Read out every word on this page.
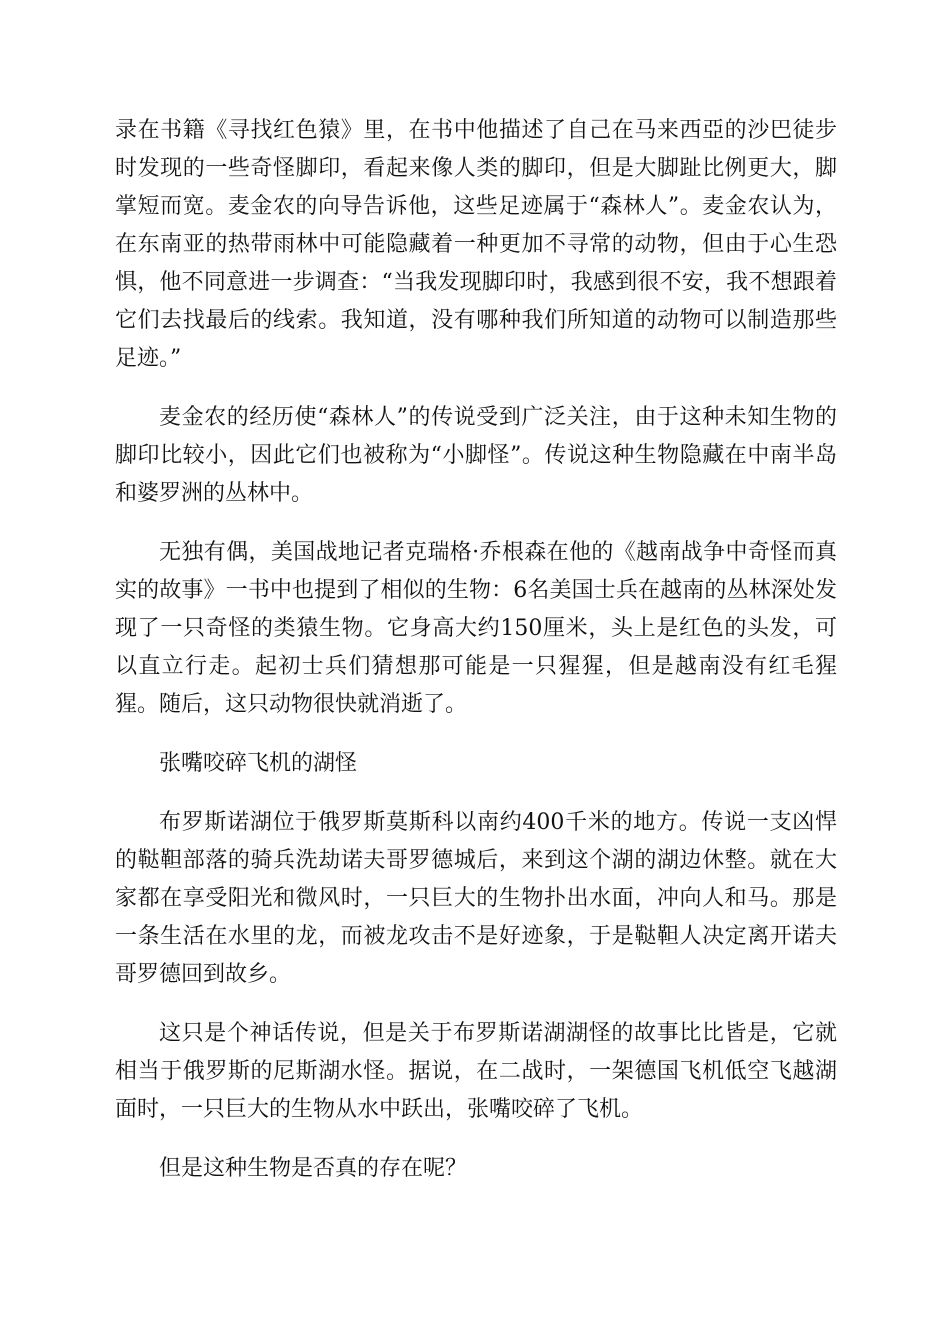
录在书籍《寻找红色猿》里，在书中他描述了自己在马来西亞的沙巴徒步时发现的一些奇怪脚印，看起来像人类的脚印，但是大脚趾比例更大，脚掌短而宽。麦金农的向导告诉他，这些足迹属于“森林人”。麦金农认为，在东南亚的热带雨林中可能隐藏着一种更加不寻常的动物，但由于心生恐惧，他不同意进一步调查：“当我发现脚印时，我感到很不安，我不想跟着它们去找最后的线索。我知道，没有哪种我们所知道的动物可以制造那些足迹。”

麦金农的经历使“森林人”的传说受到广泛关注，由于这种未知生物的脚印比较小，因此它们也被称为“小脚怪”。传说这种生物隐藏在中南半岛和婆罗洲的丛林中。

无独有偶，美国战地记者克瑞格·乔根森在他的《越南战争中奇怪而真实的故事》一书中也提到了相似的生物：6名美国士兵在越南的丛林深处发现了一只奇怪的类猿生物。它身高大约150厘米，头上是红色的头发，可以直立行走。起初士兵们猜想那可能是一只猩猩，但是越南没有红毛猩猩。随后，这只动物很快就消逝了。

张嘴咬碎飞机的湖怪

布罗斯诺湖位于俄罗斯莫斯科以南约400千米的地方。传说一支凶悍的鞑靼部落的骑兵洗劫诺夫哥罗德城后，来到这个湖的湖边休整。就在大家都在享受阳光和微风时，一只巨大的生物扑出水面，冲向人和马。那是一条生活在水里的龙，而被龙攻击不是好迹象，于是鞑靼人决定离开诺夫哥罗德回到故乡。

这只是个神话传说，但是关于布罗斯诺湖湖怪的故事比比皆是，它就相当于俄罗斯的尼斯湖水怪。据说，在二战时，一架德国飞机低空飞越湖面时，一只巨大的生物从水中跃出，张嘴咬碎了飞机。

但是这种生物是否真的存在呢？
